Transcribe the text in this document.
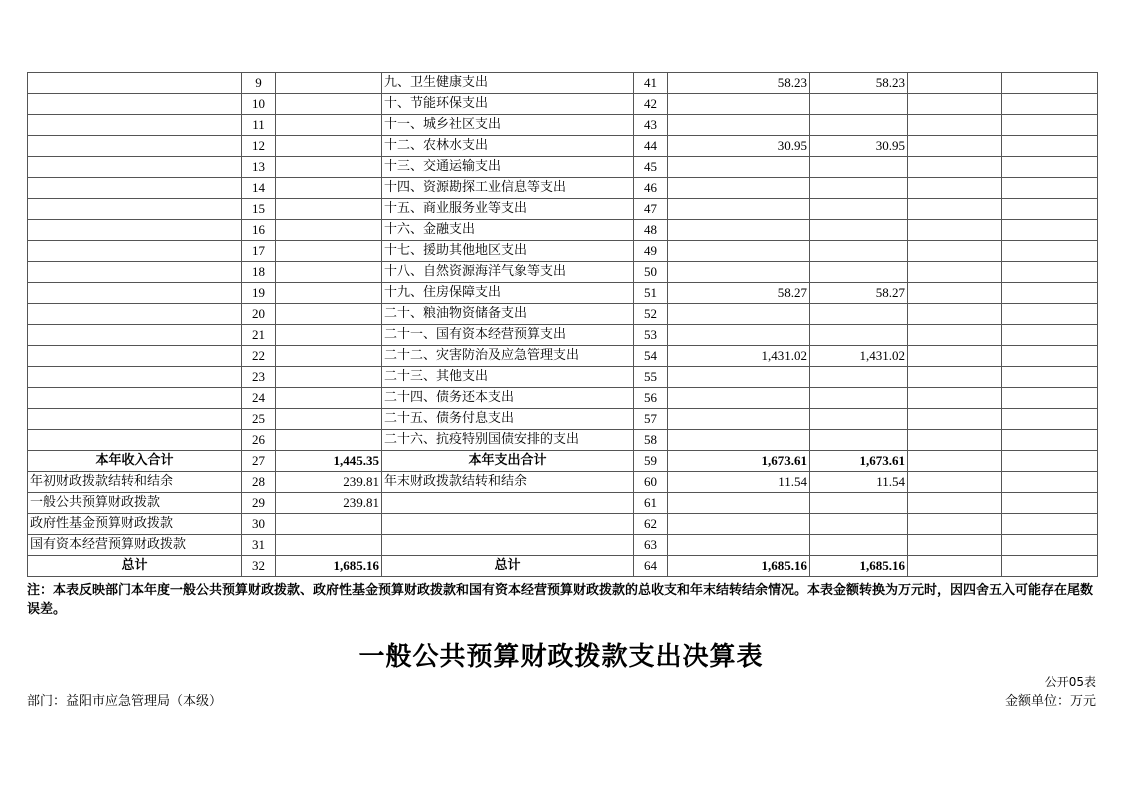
	9		九、卫生健康支出	41	58.23	58.23		
	10		十、节能环保支出	42				
	11		十一、城乡社区支出	43				
	12		十二、农林水支出	44	30.95	30.95		
	13		十三、交通运输支出	45				
	14		十四、资源勘探工业信息等支出	46				
	15		十五、商业服务业等支出	47				
	16		十六、金融支出	48				
	17		十七、援助其他地区支出	49				
	18		十八、自然资源海洋气象等支出	50				
	19		十九、住房保障支出	51	58.27	58.27		
	20		二十、粮油物资储备支出	52				
	21		二十一、国有资本经营预算支出	53				
	22		二十二、灾害防治及应急管理支出	54	1,431.02	1,431.02		
	23		二十三、其他支出	55				
	24		二十四、债务还本支出	56				
	25		二十五、债务付息支出	57				
	26		二十六、抗疫特别国债安排的支出	58				
本年收入合计	27	1,445.35	本年支出合计	59	1,673.61	1,673.61		
年初财政拨款结转和结余	28	239.81	年末财政拨款结转和结余	60	11.54	11.54		
一般公共预算财政拨款	29	239.81		61				
政府性基金预算财政拨款	30			62				
国有资本经营预算财政拨款	31			63				
总计	32	1,685.16	总计	64	1,685.16	1,685.16		
注：本表反映部门本年度一般公共预算财政拨款、政府性基金预算财政拨款和国有资本经营预算财政拨款的总收支和年末结转结余情况。本表金额转换为万元时，因四舍五入可能存在尾数误差。
一般公共预算财政拨款支出决算表
公开05表
部门：益阳市应急管理局（本级）	金额单位：万元
